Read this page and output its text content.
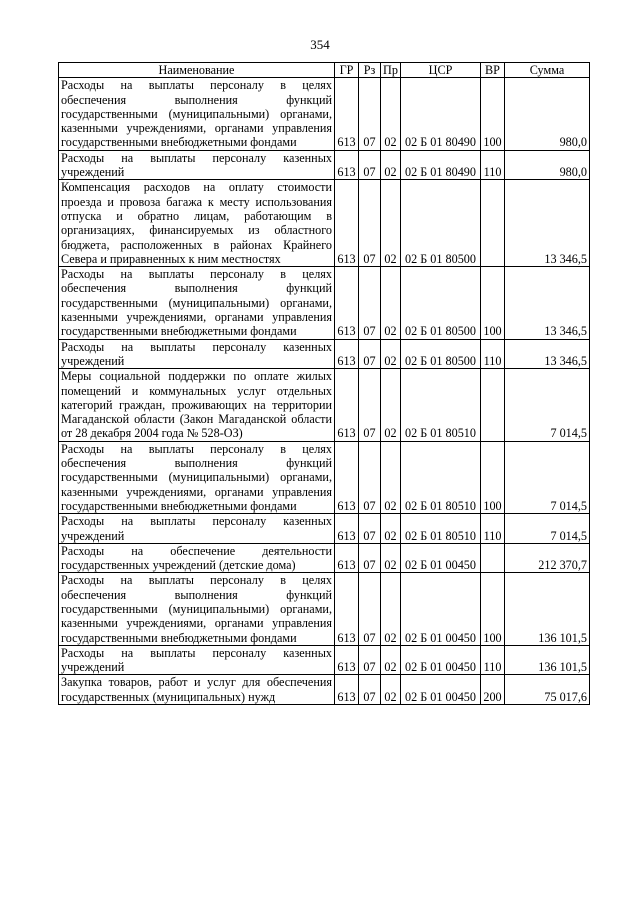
354
Наименование	ГР	Рз	Пр	ЦСР	ВР	Сумма
Расходы на выплаты персоналу в целях обеспечения выполнения функций государственными (муниципальными) органами, казенными учреждениями, органами управления государственными внебюджетными фондами	613	07	02	02 Б 01 80490	100	980,0
Расходы на выплаты персоналу казенных учреждений	613	07	02	02 Б 01 80490	110	980,0
Компенсация расходов на оплату стоимости проезда и провоза багажа к месту использования отпуска и обратно лицам, работающим в организациях, финансируемых из областного бюджета, расположенных в районах Крайнего Севера и приравненных к ним местностях	613	07	02	02 Б 01 80500		13 346,5
Расходы на выплаты персоналу в целях обеспечения выполнения функций государственными (муниципальными) органами, казенными учреждениями, органами управления государственными внебюджетными фондами	613	07	02	02 Б 01 80500	100	13 346,5
Расходы на выплаты персоналу казенных учреждений	613	07	02	02 Б 01 80500	110	13 346,5
Меры социальной поддержки по оплате жилых помещений и коммунальных услуг отдельных категорий граждан, проживающих на территории Магаданской области (Закон Магаданской области от 28 декабря 2004 года № 528-ОЗ)	613	07	02	02 Б 01 80510		7 014,5
Расходы на выплаты персоналу в целях обеспечения выполнения функций государственными (муниципальными) органами, казенными учреждениями, органами управления государственными внебюджетными фондами	613	07	02	02 Б 01 80510	100	7 014,5
Расходы на выплаты персоналу казенных учреждений	613	07	02	02 Б 01 80510	110	7 014,5
Расходы на обеспечение деятельности государственных учреждений (детские дома)	613	07	02	02 Б 01 00450		212 370,7
Расходы на выплаты персоналу в целях обеспечения выполнения функций государственными (муниципальными) органами, казенными учреждениями, органами управления государственными внебюджетными фондами	613	07	02	02 Б 01 00450	100	136 101,5
Расходы на выплаты персоналу казенных учреждений	613	07	02	02 Б 01 00450	110	136 101,5
Закупка товаров, работ и услуг для обеспечения государственных (муниципальных) нужд	613	07	02	02 Б 01 00450	200	75 017,6
